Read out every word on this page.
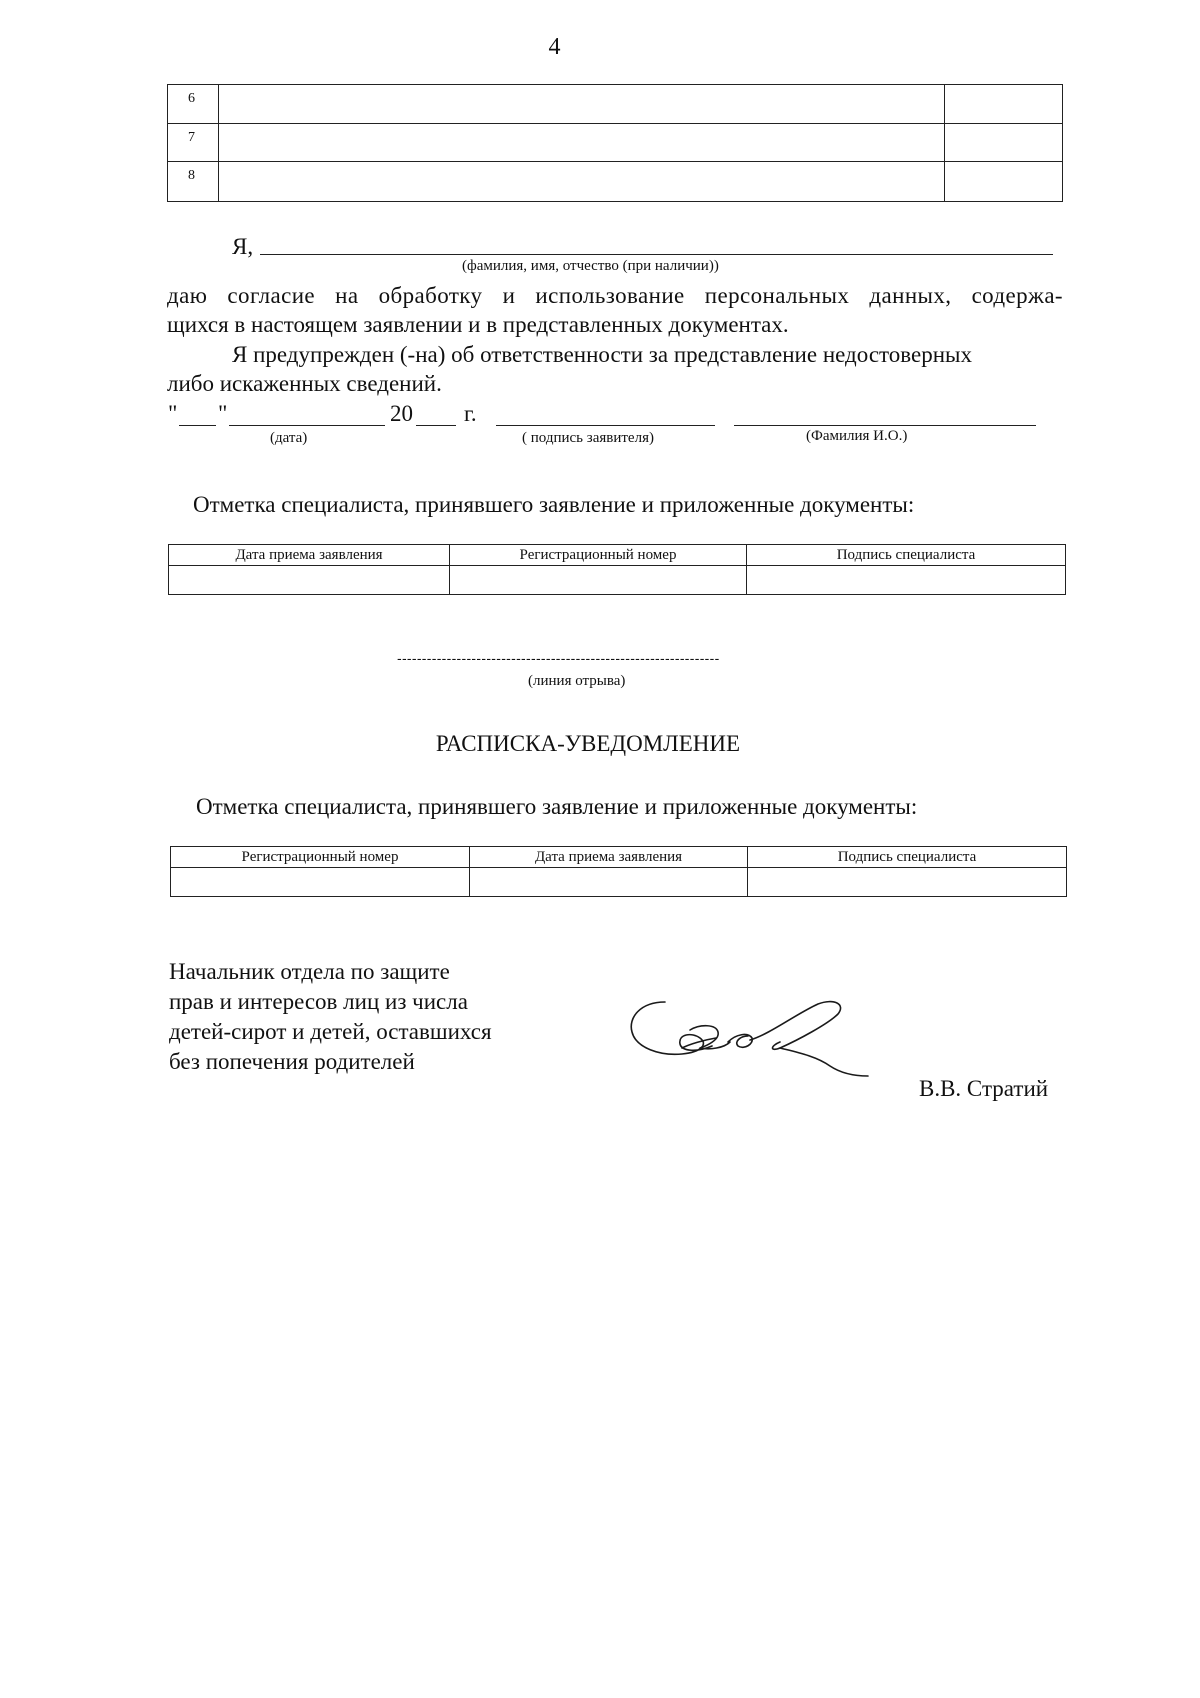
4
6		
7		
8		
Я,
(фамилия, имя, отчество (при наличии))
даю согласие на обработку и использование персональных данных, содержа-
щихся в настоящем заявлении и в представленных документах.
Я предупрежден (-на) об ответственности за представление недостоверных
либо искаженных сведений.
" "	20 г.
(дата)	( подпись заявителя)	(Фамилия И.О.)
Отметка специалиста, принявшего заявление и приложенные документы:
Дата приема заявления	Регистрационный номер	Подпись специалиста

-----------------------------------------------------------------
(линия отрыва)
РАСПИСКА-УВЕДОМЛЕНИЕ
Отметка специалиста, принявшего заявление и приложенные документы:
Регистрационный номер	Дата приема заявления	Подпись специалиста

Начальник отдела по защите
прав и интересов лиц из числа
детей-сирот и детей, оставшихся
без попечения родителей
В.В. Стратий
